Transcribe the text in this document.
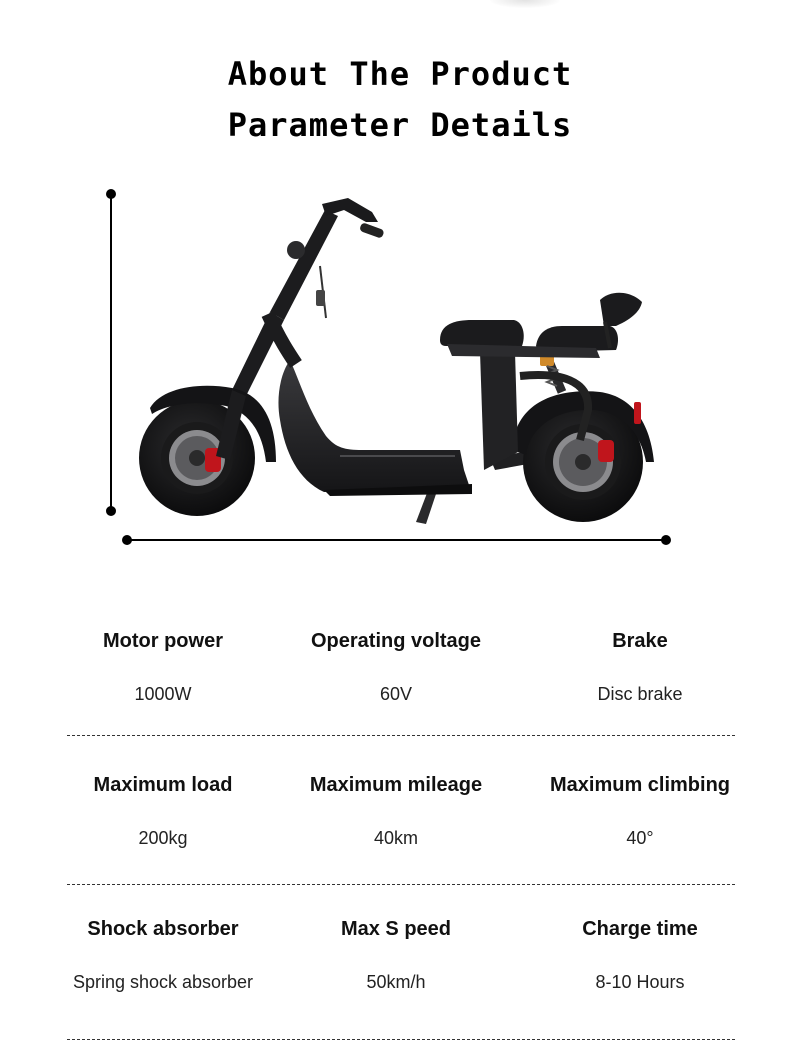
About The Product
Parameter Details
Motor power
1000W
Operating voltage
60V
Brake
Disc brake
Maximum load
200kg
Maximum mileage
40km
Maximum climbing
40°
Shock absorber
Spring shock absorber
Max S peed
50km/h
Charge time
8-10 Hours
